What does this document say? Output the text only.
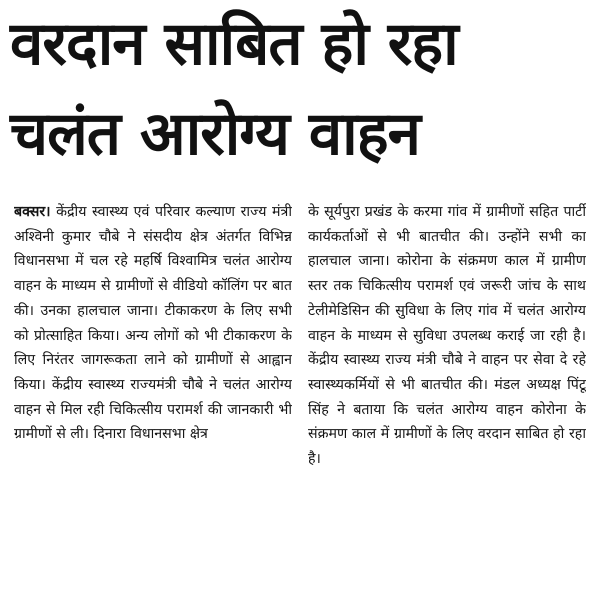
वरदान साबित हो रहा
चलंत आरोग्य वाहन

बक्सर। केंद्रीय स्वास्थ्य एवं परिवार कल्याण राज्य मंत्री अश्विनी कुमार चौबे ने संसदीय क्षेत्र अंतर्गत विभिन्न विधानसभा में चल रहे महर्षि विश्वामित्र चलंत आरोग्य वाहन के माध्यम से ग्रामीणों से वीडियो कॉलिंग पर बात की। उनका हालचाल जाना। टीकाकरण के लिए सभी को प्रोत्साहित किया। अन्य लोगों को भी टीकाकरण के लिए निरंतर जागरूकता लाने को ग्रामीणों से आह्वान किया। केंद्रीय स्वास्थ्य राज्यमंत्री चौबे ने चलंत आरोग्य वाहन से मिल रही चिकित्सीय परामर्श की जानकारी भी ग्रामीणों से ली। दिनारा विधानसभा क्षेत्र

के सूर्यपुरा प्रखंड के करमा गांव में ग्रामीणों सहित पार्टी कार्यकर्ताओं से भी बातचीत की। उन्होंने सभी का हालचाल जाना। कोरोना के संक्रमण काल में ग्रामीण स्तर तक चिकित्सीय परामर्श एवं जरूरी जांच के साथ टेलीमेडिसिन की सुविधा के लिए गांव में चलंत आरोग्य वाहन के माध्यम से सुविधा उपलब्ध कराई जा रही है। केंद्रीय स्वास्थ्य राज्य मंत्री चौबे ने वाहन पर सेवा दे रहे स्वास्थ्यकर्मियों से भी बातचीत की। मंडल अध्यक्ष पिंटू सिंह ने बताया कि चलंत आरोग्य वाहन कोरोना के संक्रमण काल में ग्रामीणों के लिए वरदान साबित हो रहा है।
